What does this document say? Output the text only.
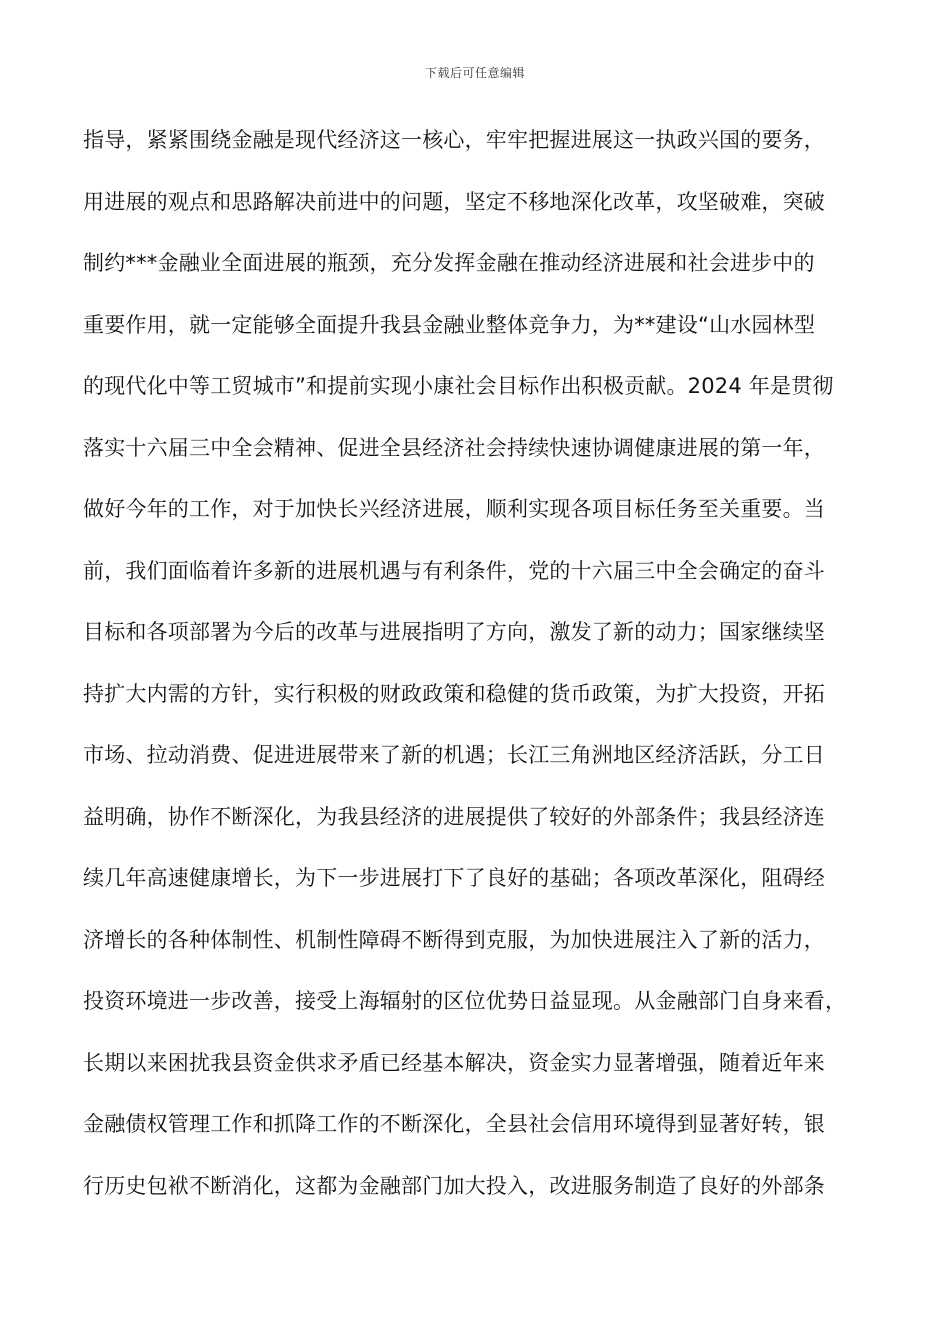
下载后可任意编辑
指导，紧紧围绕金融是现代经济这一核心，牢牢把握进展这一执政兴国的要务，
用进展的观点和思路解决前进中的问题，坚定不移地深化改革，攻坚破难，突破
制约***金融业全面进展的瓶颈，充分发挥金融在推动经济进展和社会进步中的
重要作用，就一定能够全面提升我县金融业整体竞争力，为**建设“山水园林型
的现代化中等工贸城市”和提前实现小康社会目标作出积极贡献。2024 年是贯彻
落实十六届三中全会精神、促进全县经济社会持续快速协调健康进展的第一年，
做好今年的工作，对于加快长兴经济进展，顺利实现各项目标任务至关重要。当
前，我们面临着许多新的进展机遇与有利条件，党的十六届三中全会确定的奋斗
目标和各项部署为今后的改革与进展指明了方向，激发了新的动力；国家继续坚
持扩大内需的方针，实行积极的财政政策和稳健的货币政策，为扩大投资，开拓
市场、拉动消费、促进进展带来了新的机遇；长江三角洲地区经济活跃，分工日
益明确，协作不断深化，为我县经济的进展提供了较好的外部条件；我县经济连
续几年高速健康增长，为下一步进展打下了良好的基础；各项改革深化，阻碍经
济增长的各种体制性、机制性障碍不断得到克服，为加快进展注入了新的活力，
投资环境进一步改善，接受上海辐射的区位优势日益显现。从金融部门自身来看，
长期以来困扰我县资金供求矛盾已经基本解决，资金实力显著增强，随着近年来
金融债权管理工作和抓降工作的不断深化，全县社会信用环境得到显著好转，银
行历史包袱不断消化，这都为金融部门加大投入，改进服务制造了良好的外部条
